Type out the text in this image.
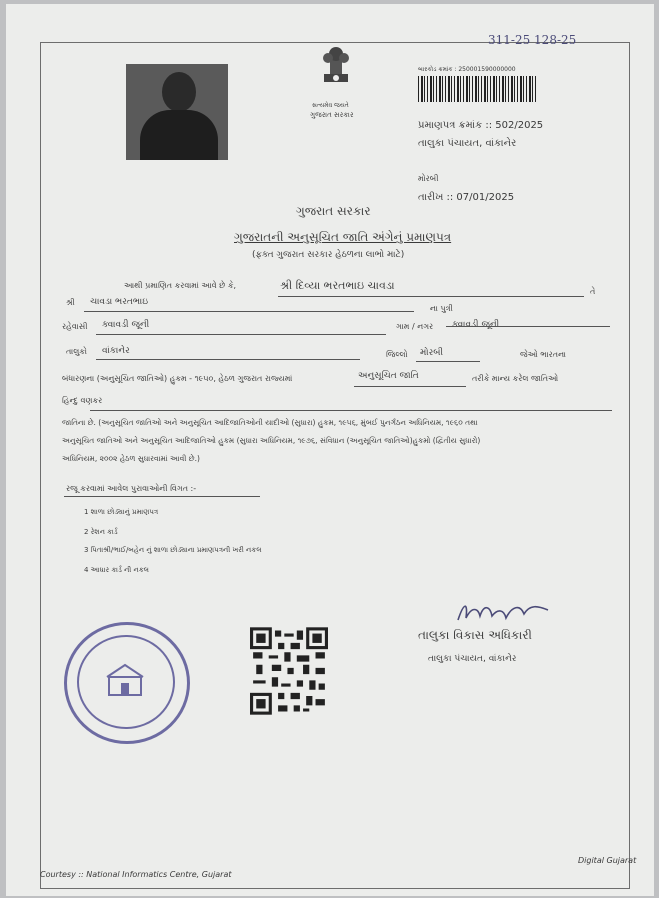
311-25 128-25
સત્યમેવ જયતે
ગુજરાત સરકાર
બારકોડ ક્રમાંક : 250001590000000
પ્રમાણપત્ર ક્રમાંક :: 502/2025
તાલુકા પંચાયત, વાંકાનેર
મોરબી
તારીખ :: 07/01/2025
ગુજરાત સરકાર
ગુજરાતની અનુસૂચિત જાતિ અંગેનું પ્રમાણપત્ર
(ફક્ત ગુજરાત સરકાર હેઠળના લાભો માટે)
આથી પ્રમાણિત કરવામાં આવે છે કે,	શ્રી દિવ્યા ભરતભાઇ ચાવડા	તે
શ્રી ચાવડા ભરતભાઇ
ના પુત્રી
રહેવાસી ક્વાવડી જૂની	ગામ / નગર ક્વાવડી જૂની
તાલુકો વાંકાનેર	જિલ્લો મોરબી	જેઓ ભારતના
બંધારણના (અનુસૂચિત જાતિઓ) હુકમ - ૧૯૫૦, હેઠળ ગુજરાત રાજ્યમાં	અનુસૂચિત જાતિ	તરીકે માન્ય કરેલ જાતિઓ
હિન્દુ વણકર
જાતિના છે. (અનુસૂચિત જાતિઓ અને અનુસૂચિત આદિજાતિઓની યાદીઓ (સુધારા) હુકમ, ૧૯૫૬, મુંબઈ પુનર્ગઠન અધિનિયમ, ૧૯૬૦ તથા
અનુસૂચિત જાતિઓ અને અનુસૂચિત આદિજાતિઓ હુકમ (સુધારા અધિનિયમ, ૧૯૭૬, સંવિધાન (અનુસૂચિત જાતિઓ)હુકમો (દ્વિતીય સુધારો)
અધિનિયમ, ૨૦૦૨ હેઠળ સુધારવામાં આવી છે.)
રજૂ કરવામાં આવેલ પુરાવાઓની વિગત :-
1 શાળા છોડ્યાનું પ્રમાણપત્ર
2 રેશન કાર્ડ
3 પિતાશ્રી/ભાઈ/બહેન નું શાળા છોડ્યાના પ્રમાણપત્રની ખરી નકલ
4 આધાર કાર્ડ ની નકલ
તાલુકા વિકાસ અધિકારી
તાલુકા પંચાયત, વાંકાનેર
Courtesy :: National Informatics Centre, Gujarat
Digital Gujarat
